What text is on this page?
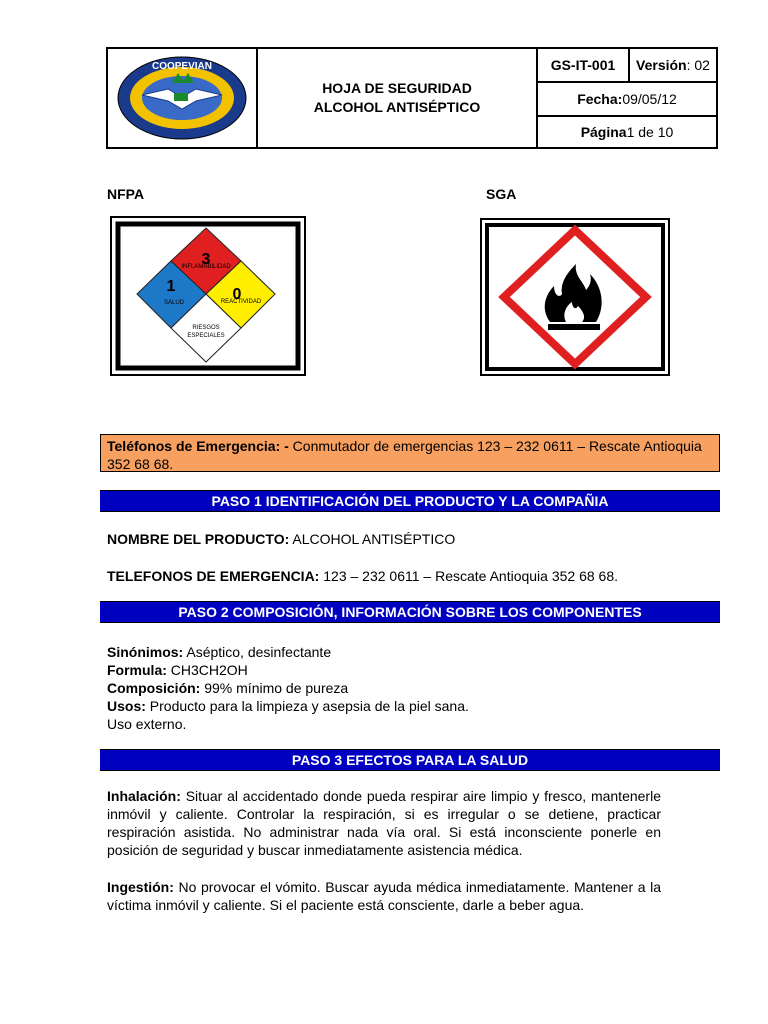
COOPEVIAN
HOJA DE SEGURIDAD
ALCOHOL ANTISÉPTICO
GS-IT-001	Versión : 02
Fecha: 09/05/12
Página 1 de 10
NFPA	SGA
3
INFLAMABILIDAD
1
SALUD	0
REACTIVIDAD
RIESGOS
ESPECIALES
Teléfonos de Emergencia: - Conmutador de emergencias 123 – 232 0611 – Rescate Antioquia 352 68 68.
PASO 1 IDENTIFICACIÓN DEL PRODUCTO Y LA COMPAÑIA
NOMBRE DEL PRODUCTO: ALCOHOL ANTISÉPTICO
TELEFONOS DE EMERGENCIA: 123 – 232 0611 – Rescate Antioquia 352 68 68.
PASO 2 COMPOSICIÓN, INFORMACIÓN SOBRE LOS COMPONENTES
Sinónimos: Aséptico, desinfectante
Formula: CH3CH2OH
Composición: 99% mínimo de pureza
Usos: Producto para la limpieza y asepsia de la piel sana.
Uso externo.
PASO 3 EFECTOS PARA LA SALUD
Inhalación: Situar al accidentado donde pueda respirar aire limpio y fresco, mantenerle inmóvil y caliente. Controlar la respiración, si es irregular o se detiene, practicar respiración asistida. No administrar nada vía oral. Si está inconsciente ponerle en posición de seguridad y buscar inmediatamente asistencia médica.
Ingestión: No provocar el vómito. Buscar ayuda médica inmediatamente. Mantener a la víctima inmóvil y caliente. Si el paciente está consciente, darle a beber agua.
